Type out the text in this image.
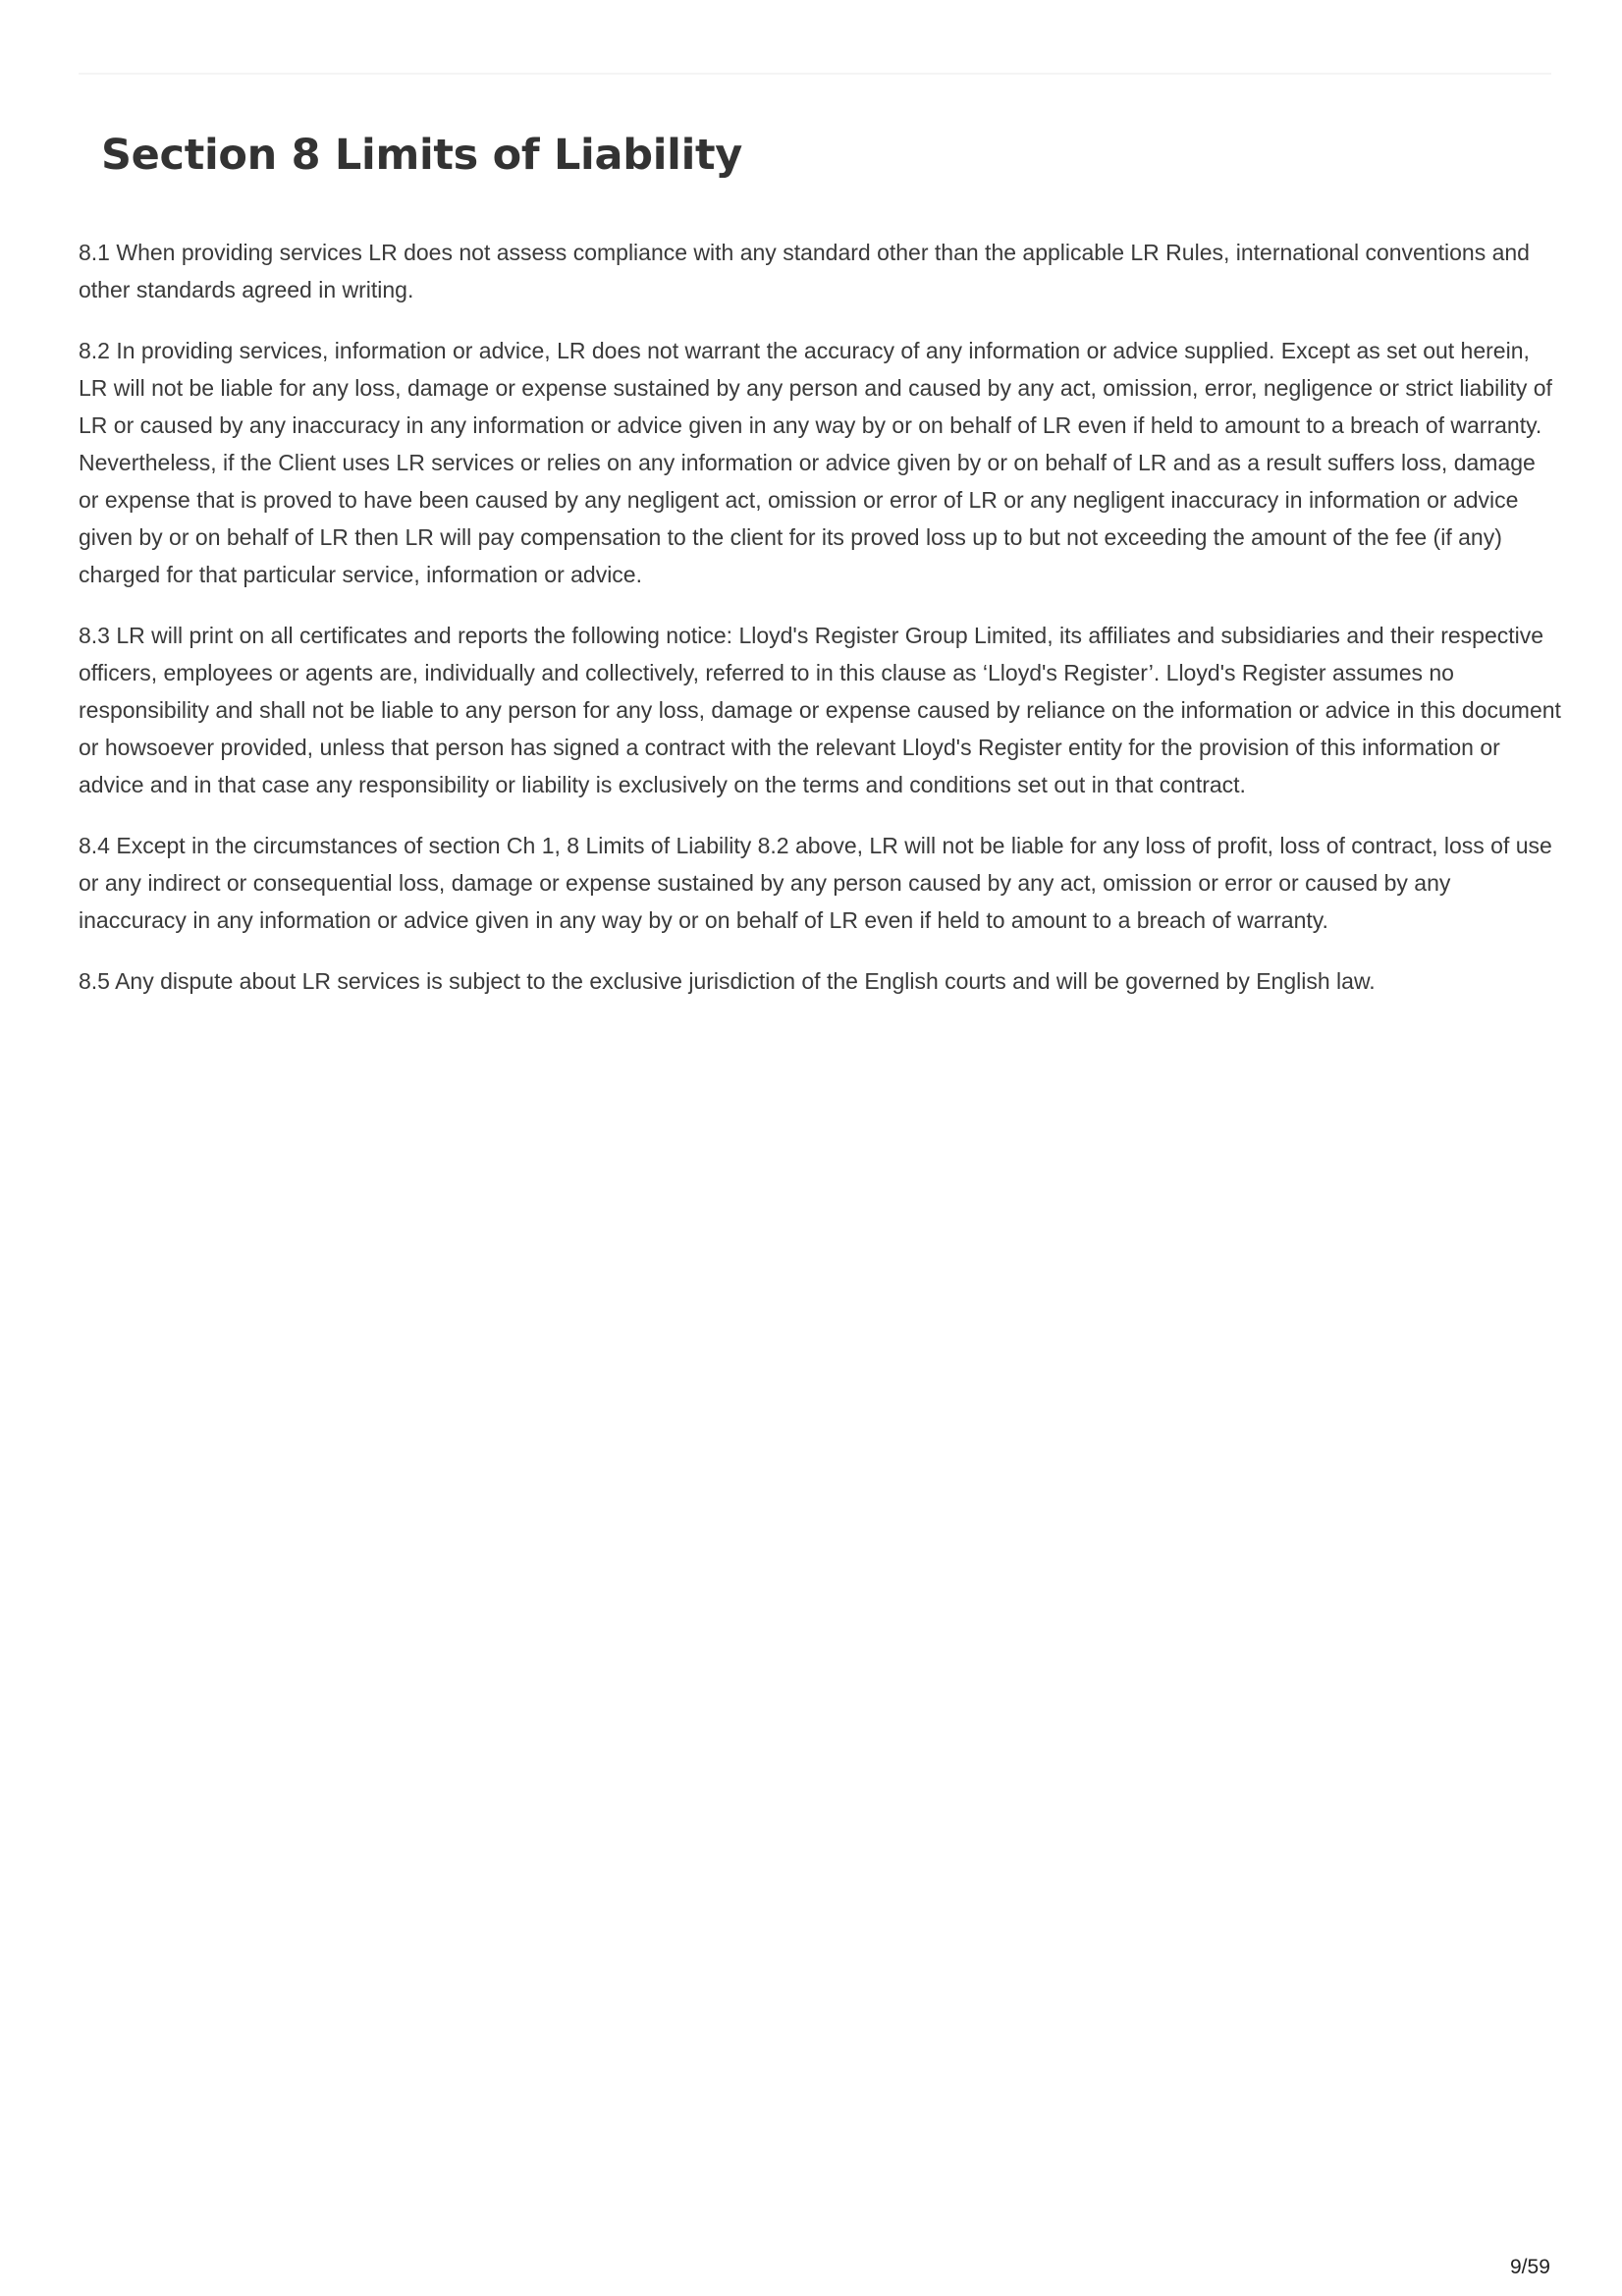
Section 8 Limits of Liability

8.1 When providing services LR does not assess compliance with any standard other than the applicable LR Rules, international conventions and other standards agreed in writing.

8.2 In providing services, information or advice, LR does not warrant the accuracy of any information or advice supplied. Except as set out herein, LR will not be liable for any loss, damage or expense sustained by any person and caused by any act, omission, error, negligence or strict liability of LR or caused by any inaccuracy in any information or advice given in any way by or on behalf of LR even if held to amount to a breach of warranty. Nevertheless, if the Client uses LR services or relies on any information or advice given by or on behalf of LR and as a result suffers loss, damage or expense that is proved to have been caused by any negligent act, omission or error of LR or any negligent inaccuracy in information or advice given by or on behalf of LR then LR will pay compensation to the client for its proved loss up to but not exceeding the amount of the fee (if any) charged for that particular service, information or advice.

8.3 LR will print on all certificates and reports the following notice: Lloyd's Register Group Limited, its affiliates and subsidiaries and their respective officers, employees or agents are, individually and collectively, referred to in this clause as ‘Lloyd's Register’. Lloyd's Register assumes no responsibility and shall not be liable to any person for any loss, damage or expense caused by reliance on the information or advice in this document or howsoever provided, unless that person has signed a contract with the relevant Lloyd's Register entity for the provision of this information or advice and in that case any responsibility or liability is exclusively on the terms and conditions set out in that contract.

8.4 Except in the circumstances of section Ch 1, 8 Limits of Liability 8.2 above, LR will not be liable for any loss of profit, loss of contract, loss of use or any indirect or consequential loss, damage or expense sustained by any person caused by any act, omission or error or caused by any inaccuracy in any information or advice given in any way by or on behalf of LR even if held to amount to a breach of warranty.

8.5 Any dispute about LR services is subject to the exclusive jurisdiction of the English courts and will be governed by English law.

9/59
